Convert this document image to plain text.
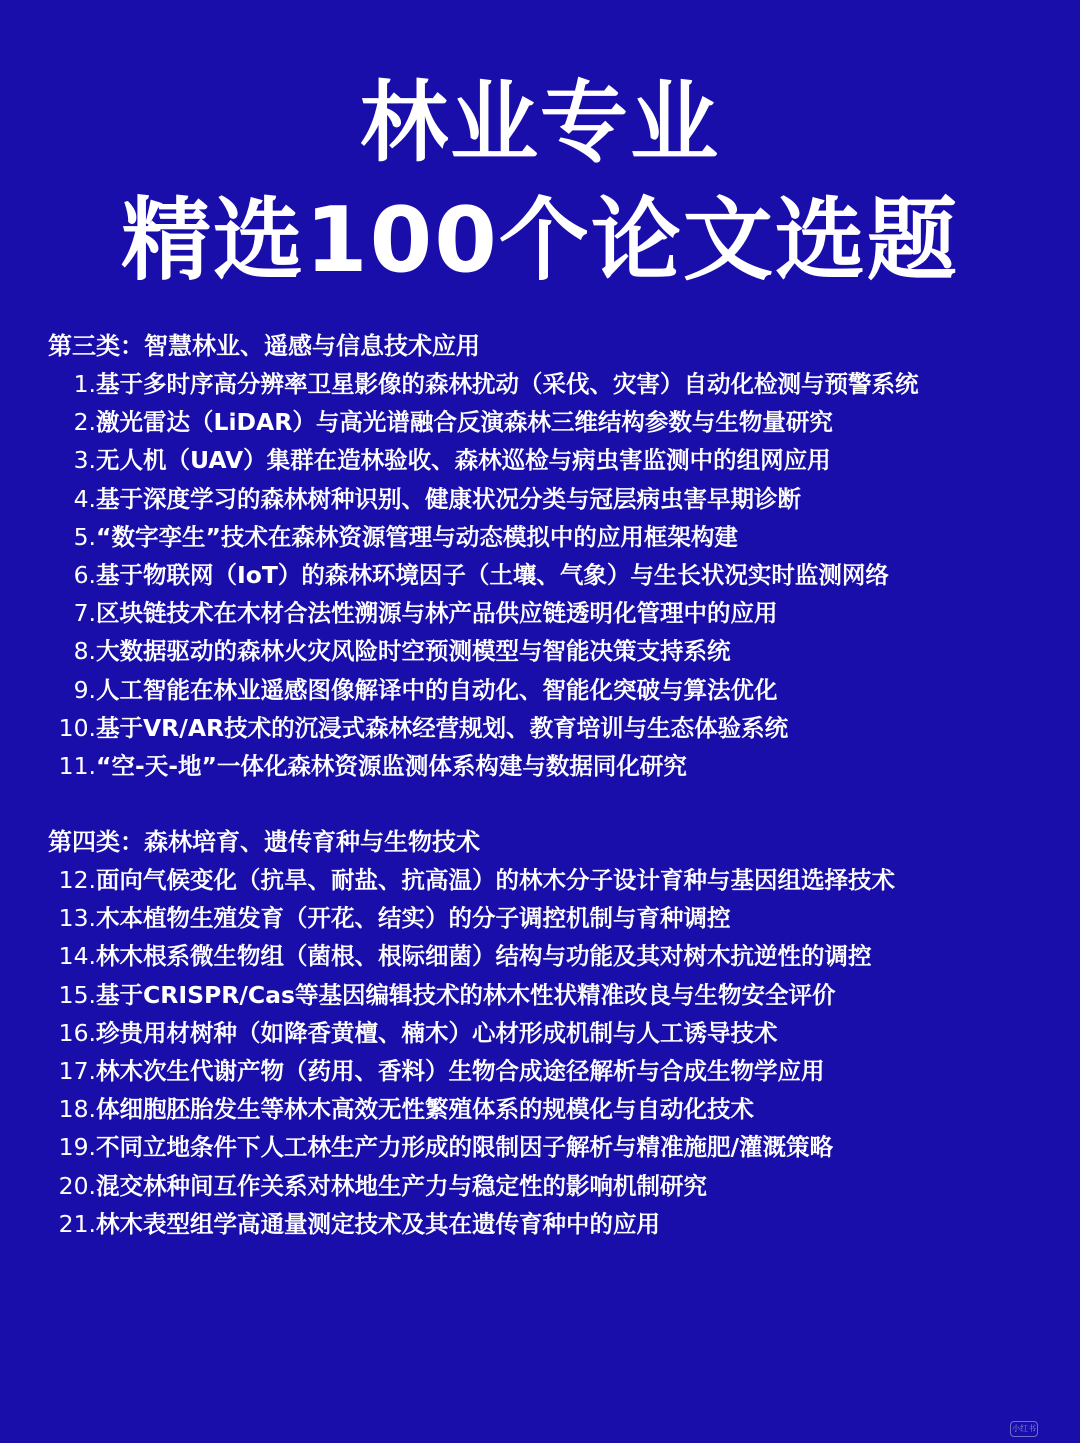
林业专业
精选100个论文选题
第三类：智慧林业、遥感与信息技术应用
1. 基于多时序高分辨率卫星影像的森林扰动（采伐、灾害）自动化检测与预警系统
2. 激光雷达（LiDAR）与高光谱融合反演森林三维结构参数与生物量研究
3. 无人机（UAV）集群在造林验收、森林巡检与病虫害监测中的组网应用
4. 基于深度学习的森林树种识别、健康状况分类与冠层病虫害早期诊断
5. “数字孪生”技术在森林资源管理与动态模拟中的应用框架构建
6. 基于物联网（IoT）的森林环境因子（土壤、气象）与生长状况实时监测网络
7. 区块链技术在木材合法性溯源与林产品供应链透明化管理中的应用
8. 大数据驱动的森林火灾风险时空预测模型与智能决策支持系统
9. 人工智能在林业遥感图像解译中的自动化、智能化突破与算法优化
10. 基于VR/AR技术的沉浸式森林经营规划、教育培训与生态体验系统
11. “空-天-地”一体化森林资源监测体系构建与数据同化研究
第四类：森林培育、遗传育种与生物技术
12. 面向气候变化（抗旱、耐盐、抗高温）的林木分子设计育种与基因组选择技术
13. 木本植物生殖发育（开花、结实）的分子调控机制与育种调控
14. 林木根系微生物组（菌根、根际细菌）结构与功能及其对树木抗逆性的调控
15. 基于CRISPR/Cas等基因编辑技术的林木性状精准改良与生物安全评价
16. 珍贵用材树种（如降香黄檀、楠木）心材形成机制与人工诱导技术
17. 林木次生代谢产物（药用、香料）生物合成途径解析与合成生物学应用
18. 体细胞胚胎发生等林木高效无性繁殖体系的规模化与自动化技术
19. 不同立地条件下人工林生产力形成的限制因子解析与精准施肥/灌溉策略
20. 混交林种间互作关系对林地生产力与稳定性的影响机制研究
21. 林木表型组学高通量测定技术及其在遗传育种中的应用
小红书
